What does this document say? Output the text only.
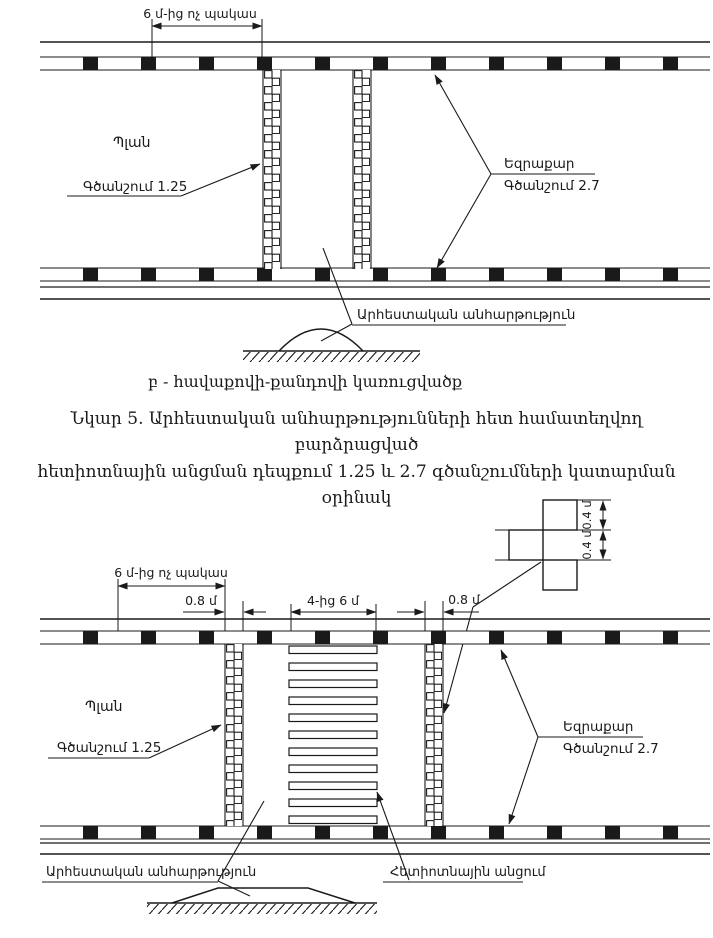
6 մ-ից ոչ պակաս
Պլան
Գծանշում 1.25
Եզրաքար
Գծանշում 2.7
Արհեստական անհարթություն
բ - հավաքովի-քանդովի կառուցվածք
Նկար 5. Արհեստական անհարթությունների հետ համատեղվող բարձրացված
հետիոտնային անցման դեպքում 1.25 և 2.7 գծանշումների կատարման օրինակ
0.4 մ
0.4 մ
6 մ-ից ոչ պակաս
0.8 մ	4-ից 6 մ	0.8 մ
Պլան
Գծանշում 1.25
Եզրաքար
Գծանշում 2.7
Արհեստական անհարթություն	Հետիոտնային անցում
